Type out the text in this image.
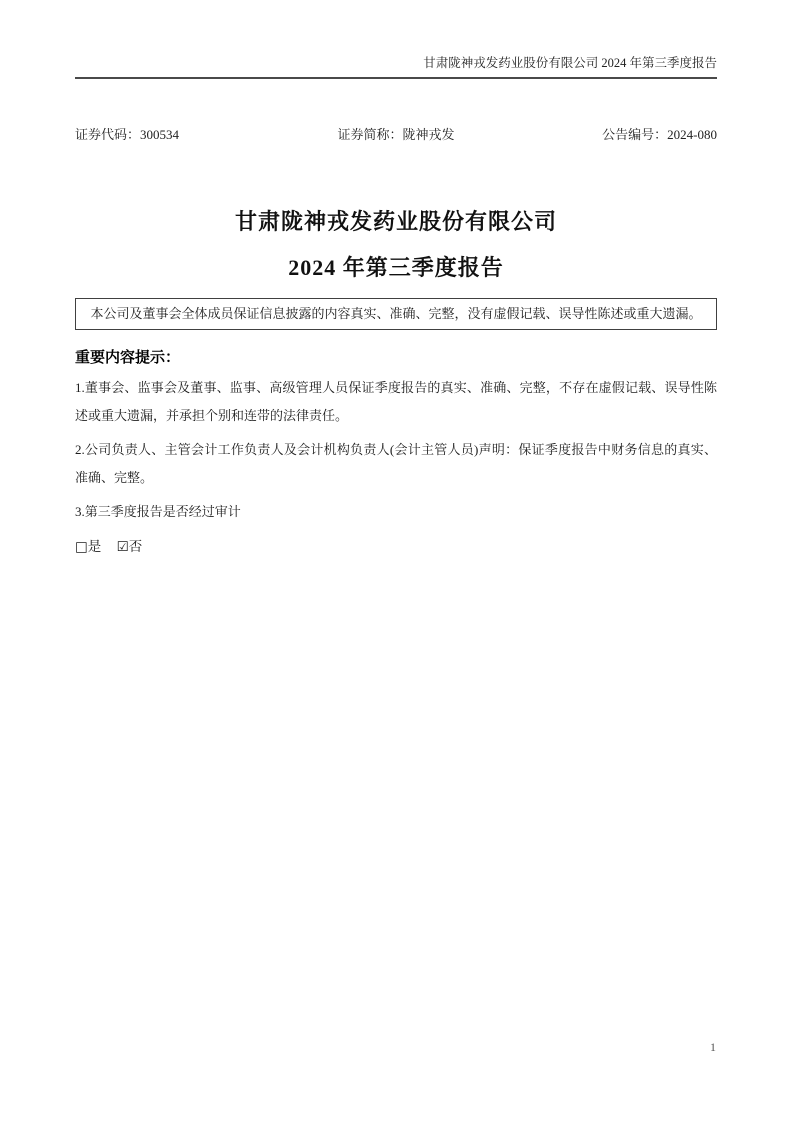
甘肃陇神戎发药业股份有限公司 2024 年第三季度报告
证券代码：300534	证券简称：陇神戎发	公告编号：2024-080
甘肃陇神戎发药业股份有限公司
2024 年第三季度报告
本公司及董事会全体成员保证信息披露的内容真实、准确、完整，没有虚假记载、误导性陈述或重大遗漏。
重要内容提示：

1.董事会、监事会及董事、监事、高级管理人员保证季度报告的真实、准确、完整，不存在虚假记载、误导性陈述或重大遗漏，并承担个别和连带的法律责任。

2.公司负责人、主管会计工作负责人及会计机构负责人(会计主管人员)声明：保证季度报告中财务信息的真实、准确、完整。

3.第三季度报告是否经过审计

□是 ☑否
1
